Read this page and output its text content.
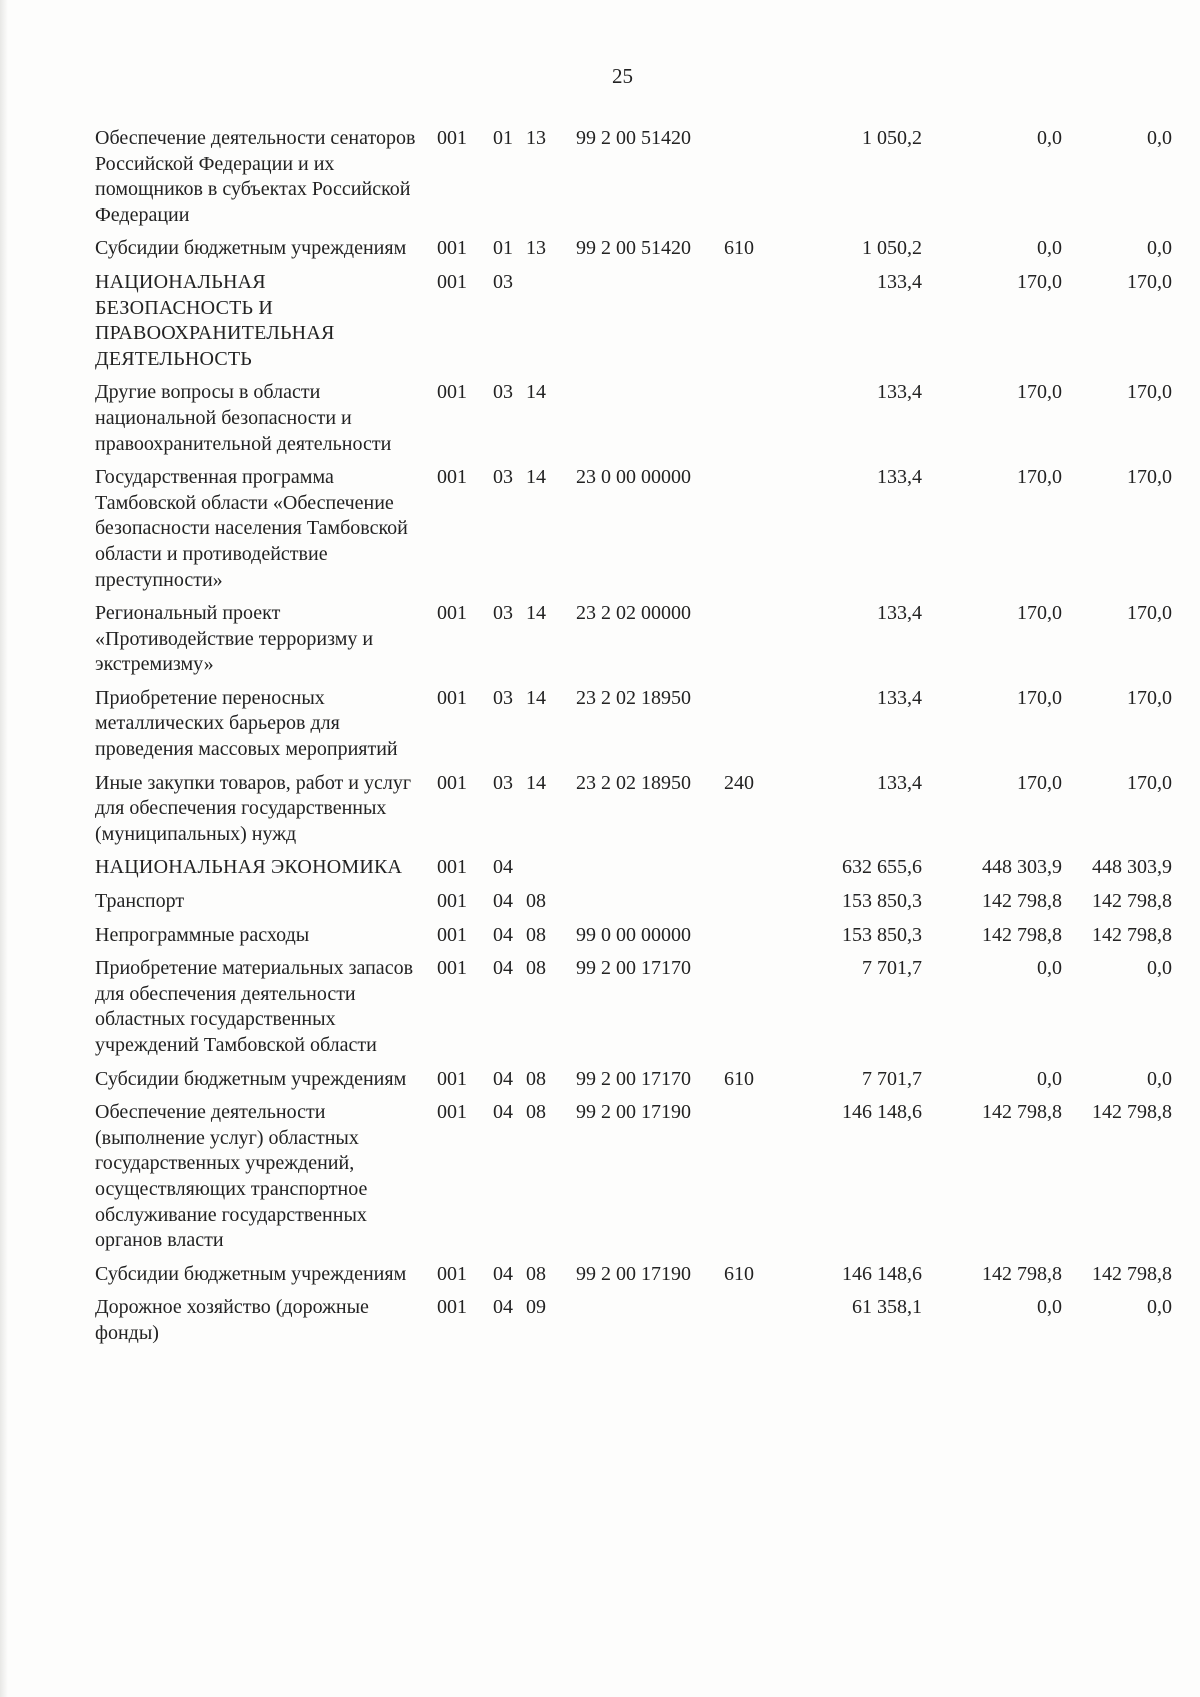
25
Обеспечение деятельности сенаторов Российской Федерации и их помощников в субъектах Российской Федерации	001	01	13	99 2 00 51420		1 050,2	0,0	0,0
Субсидии бюджетным учреждениям	001	01	13	99 2 00 51420	610	1 050,2	0,0	0,0
НАЦИОНАЛЬНАЯ БЕЗОПАСНОСТЬ И ПРАВООХРАНИТЕЛЬНАЯ ДЕЯТЕЛЬНОСТЬ	001	03				133,4	170,0	170,0
Другие вопросы в области национальной безопасности и правоохранительной деятельности	001	03	14			133,4	170,0	170,0
Государственная программа Тамбовской области «Обеспечение безопасности населения Тамбовской области и противодействие преступности»	001	03	14	23 0 00 00000		133,4	170,0	170,0
Региональный проект «Противодействие терроризму и экстремизму»	001	03	14	23 2 02 00000		133,4	170,0	170,0
Приобретение переносных металлических барьеров для проведения массовых мероприятий	001	03	14	23 2 02 18950		133,4	170,0	170,0
Иные закупки товаров, работ и услуг для обеспечения государственных (муниципальных) нужд	001	03	14	23 2 02 18950	240	133,4	170,0	170,0
НАЦИОНАЛЬНАЯ ЭКОНОМИКА	001	04				632 655,6	448 303,9	448 303,9
Транспорт	001	04	08			153 850,3	142 798,8	142 798,8
Непрограммные расходы	001	04	08	99 0 00 00000		153 850,3	142 798,8	142 798,8
Приобретение материальных запасов для обеспечения деятельности областных государственных учреждений Тамбовской области	001	04	08	99 2 00 17170		7 701,7	0,0	0,0
Субсидии бюджетным учреждениям	001	04	08	99 2 00 17170	610	7 701,7	0,0	0,0
Обеспечение деятельности (выполнение услуг) областных государственных учреждений, осуществляющих транспортное обслуживание государственных органов власти	001	04	08	99 2 00 17190		146 148,6	142 798,8	142 798,8
Субсидии бюджетным учреждениям	001	04	08	99 2 00 17190	610	146 148,6	142 798,8	142 798,8
Дорожное хозяйство (дорожные фонды)	001	04	09			61 358,1	0,0	0,0
